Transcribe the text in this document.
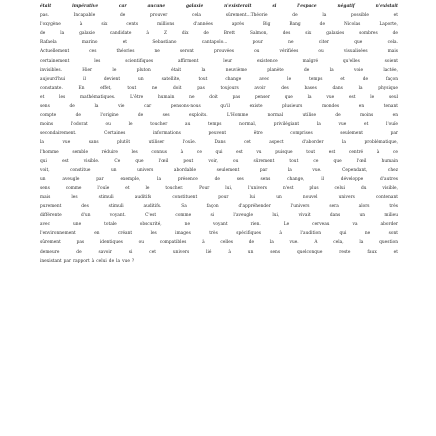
était impérative car aucune galaxie n'existerait si l'espace négatif n'existait
pas. Incapable de prouver cela sûrement...Théorie de la possible et
l'oxygène à six cents millions d'années après Big Bang de Nicolas Laporte,
de la galaxie candidate à Z dix de Brett Salmon, des six galaxies sombres de
Rafaela marino et Sebastiano cantapolo... pour ne citer que cela.
Actuellement ces théories ne seront prouvées ou vérifiées ou visualisées mais
certainement les scientifiques affirment leur existence malgré qu'elles soient
invisibles. Hier le pluton était la neuvième planète de la voie lactée,
aujourd'hui il devient un satellite, tout change avec le temps et de façon
constante. En effet, tout ne doit pas toujours avoir des bases dans la physique
et les mathématiques. L'être humain ne doit pas penser que la vue est le seul
sens de la vie car pensons-nous qu'il existe plusieurs mondes en tenant
compte de l'origine de ses exploits. L'Homme normal utilise de moins en
moins l'odorat ou le toucher au temps normal, privilégiant la vue et l'ouïe
secondairement. Certaines informations peuvent être comprises seulement par
la vue sans plutôt utiliser l'ouïe. Dans cet aspect d'aborder la problématique,
l'homme semble réduire les connus à ce qui est vu puisque tout est centré à ce
qui est visible. Ce que l'œil peut voir, ou sûrement tout ce que l'œil humain
voit, constitue un univers abordable seulement par la vue. Cependant, chez
un aveugle par exemple, la présence de ses sens change, il développe d'autres
sens comme l'ouïe et le toucher. Pour lui, l'univers n'est plus celui du visible,
mais les stimuli auditifs constituent pour lui un nouvel univers contenant
purement des stimuli auditifs. Sa façon d'appréhender l'univers sera alors très
différente d'un voyant. C'est comme si l'aveugle lui, vivait dans un milieu
avec une totale obscurité, ne voyant rien. Le cerveau va aborder
l'environnement en créant les images très spécifiques à l'audition qui ne sont
sûrement pas identiques ou compatibles à celles de la vue. A cela, la question
demeure de savoir si cet univers lié à un sens quelconque reste faux et
inexistant par rapport à celui de la vue ?
